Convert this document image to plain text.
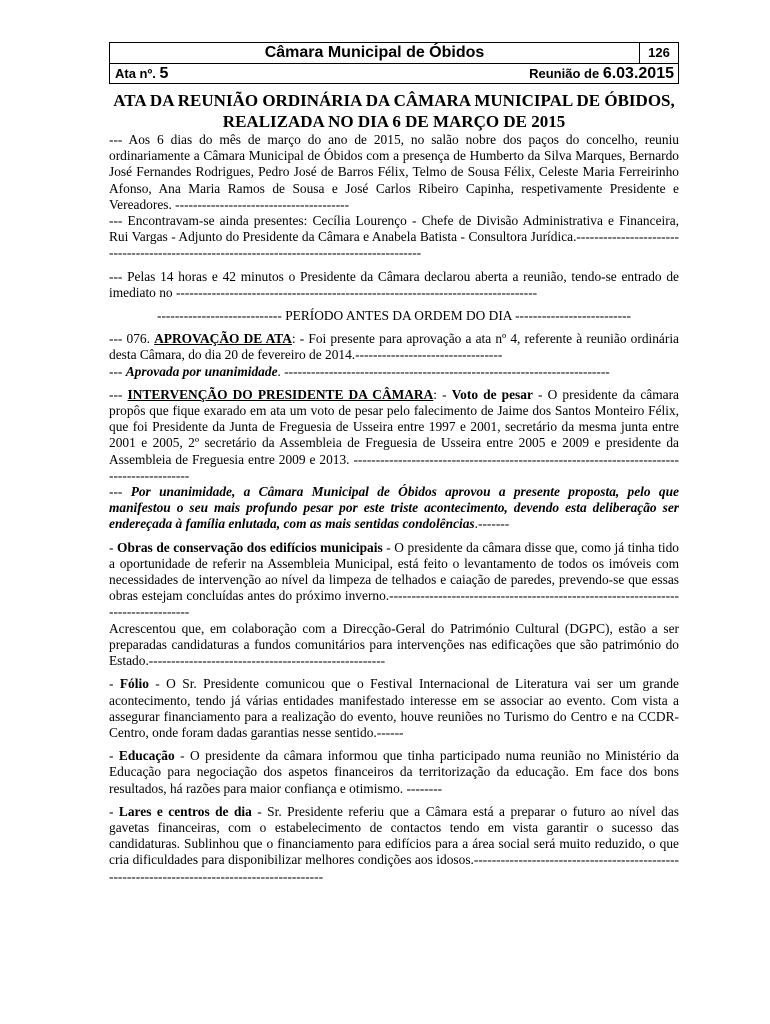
Câmara Municipal de Óbidos	126
Ata nº. 5	Reunião de 6.03.2015
ATA DA REUNIÃO ORDINÁRIA DA CÂMARA MUNICIPAL DE ÓBIDOS, REALIZADA NO DIA 6 DE MARÇO DE 2015

--- Aos 6 dias do mês de março do ano de 2015, no salão nobre dos paços do concelho, reuniu ordinariamente a Câmara Municipal de Óbidos com a presença de Humberto da Silva Marques, Bernardo José Fernandes Rodrigues, Pedro José de Barros Félix, Telmo de Sousa Félix, Celeste Maria Ferreirinho Afonso, Ana Maria Ramos de Sousa e José Carlos Ribeiro Capinha, respetivamente Presidente e Vereadores. ---------------------------------------

--- Encontravam-se ainda presentes: Cecília Lourenço - Chefe de Divisão Administrativa e Financeira, Rui Vargas - Adjunto do Presidente da Câmara e Anabela Batista - Consultora Jurídica.---------------------------------------------------------------------------------------------

--- Pelas 14 horas e 42 minutos o Presidente da Câmara declarou aberta a reunião, tendo-se entrado de imediato no ---------------------------------------------------------------------------------

---------------------------- PERÍODO ANTES DA ORDEM DO DIA --------------------------

--- 076. APROVAÇÃO DE ATA: - Foi presente para aprovação a ata nº 4, referente à reunião ordinária desta Câmara, do dia 20 de fevereiro de 2014.---------------------------------

--- Aprovada por unanimidade. -------------------------------------------------------------------------

--- INTERVENÇÃO DO PRESIDENTE DA CÂMARA: - Voto de pesar - O presidente da câmara propôs que fique exarado em ata um voto de pesar pelo falecimento de Jaime dos Santos Monteiro Félix, que foi Presidente da Junta de Freguesia de Usseira entre 1997 e 2001, secretário da mesma junta entre 2001 e 2005, 2º secretário da Assembleia de Freguesia de Usseira entre 2005 e 2009 e presidente da Assembleia de Freguesia entre 2009 e 2013. -------------------------------------------------------------------------------------------

--- Por unanimidade, a Câmara Municipal de Óbidos aprovou a presente proposta, pelo que manifestou o seu mais profundo pesar por este triste acontecimento, devendo esta deliberação ser endereçada à família enlutada, com as mais sentidas condolências.-------

- Obras de conservação dos edifícios municipais - O presidente da câmara disse que, como já tinha tido a oportunidade de referir na Assembleia Municipal, está feito o levantamento de todos os imóveis com necessidades de intervenção ao nível da limpeza de telhados e caiação de paredes, prevendo-se que essas obras estejam concluídas antes do próximo inverno.-----------------------------------------------------------------------------------

Acrescentou que, em colaboração com a Direcção-Geral do Património Cultural (DGPC), estão a ser preparadas candidaturas a fundos comunitários para intervenções nas edificações que são património do Estado.-----------------------------------------------------

- Fólio - O Sr. Presidente comunicou que o Festival Internacional de Literatura vai ser um grande acontecimento, tendo já várias entidades manifestado interesse em se associar ao evento. Com vista a assegurar financiamento para a realização do evento, houve reuniões no Turismo do Centro e na CCDR-Centro, onde foram dadas garantias nesse sentido.------

- Educação - O presidente da câmara informou que tinha participado numa reunião no Ministério da Educação para negociação dos aspetos financeiros da territorização da educação. Em face dos bons resultados, há razões para maior confiança e otimismo. --------

- Lares e centros de dia - Sr. Presidente referiu que a Câmara está a preparar o futuro ao nível das gavetas financeiras, com o estabelecimento de contactos tendo em vista garantir o sucesso das candidaturas. Sublinhou que o financiamento para edifícios para a área social será muito reduzido, o que cria dificuldades para disponibilizar melhores condições aos idosos.----------------------------------------------------------------------------------------------
